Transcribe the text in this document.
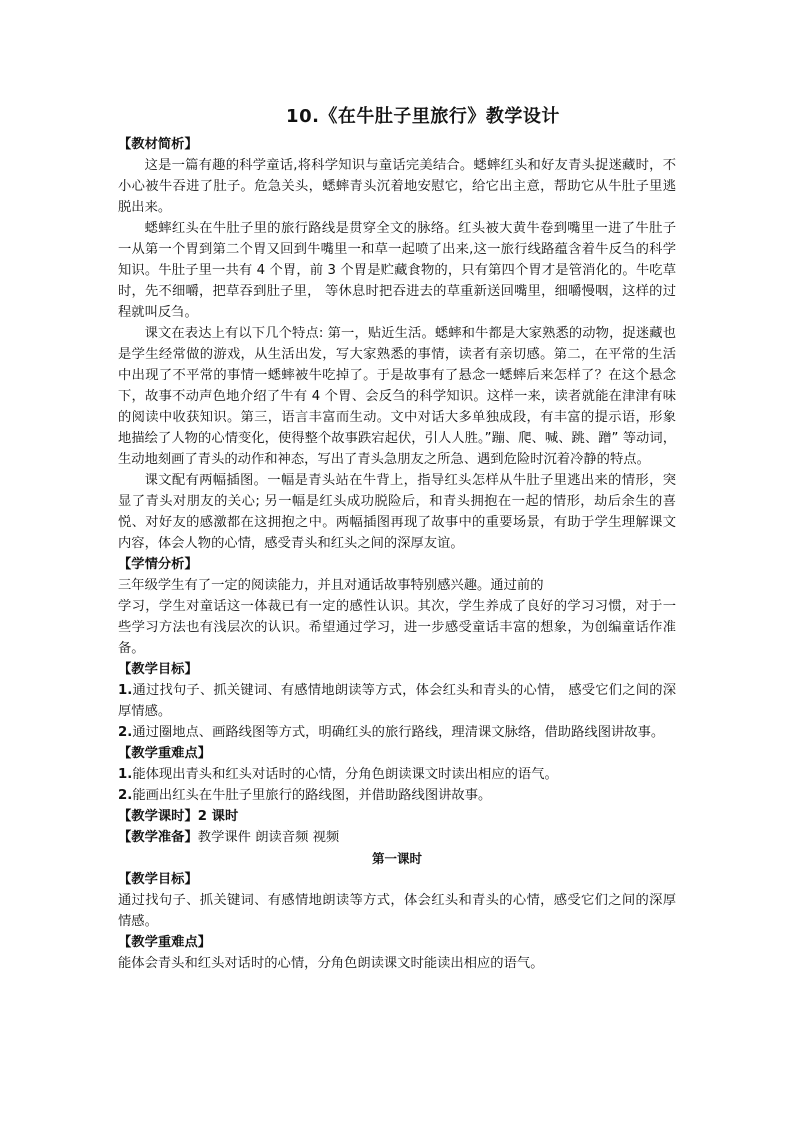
10.《在牛肚子里旅行》教学设计
【教材简析】

这是一篇有趣的科学童话,将科学知识与童话完美结合。蟋蟀红头和好友青头捉迷藏时，不小心被牛吞进了肚子。危急关头，蟋蟀青头沉着地安慰它，给它出主意，帮助它从牛肚子里逃脱出来。

蟋蟀红头在牛肚子里的旅行路线是贯穿全文的脉络。红头被大黄牛卷到嘴里一进了牛肚子一从第一个胃到第二个胃又回到牛嘴里一和草一起喷了出来,这一旅行线路蕴含着牛反刍的科学知识。牛肚子里一共有 4 个胃，前 3 个胃是贮藏食物的，只有第四个胃才是管消化的。牛吃草时，先不细嚼，把草吞到肚子里， 等休息时把吞进去的草重新送回嘴里，细嚼慢咽，这样的过程就叫反刍。

课文在表达上有以下几个特点: 第一，贴近生活。蟋蟀和牛都是大家熟悉的动物，捉迷藏也是学生经常做的游戏，从生活出发，写大家熟悉的事情，读者有亲切感。第二，在平常的生活中出现了不平常的事情一蟋蟀被牛吃掉了。于是故事有了悬念一蟋蟀后来怎样了？在这个悬念下，故事不动声色地介绍了牛有 4 个胃、会反刍的科学知识。这样一来，读者就能在津津有味的阅读中收获知识。第三，语言丰富而生动。文中对话大多单独成段，有丰富的提示语，形象地描绘了人物的心情变化，使得整个故事跌宕起伏，引人人胜。”蹦、爬、喊、跳、蹭” 等动词，生动地刻画了青头的动作和神态，写出了青头急朋友之所急、遇到危险时沉着冷静的特点。

课文配有两幅插图。一幅是青头站在牛背上，指导红头怎样从牛肚子里逃出来的情形，突显了青头对朋友的关心; 另一幅是红头成功脱险后，和青头拥抱在一起的情形，劫后余生的喜悦、对好友的感激都在这拥抱之中。两幅插图再现了故事中的重要场景，有助于学生理解课文内容，体会人物的心情，感受青头和红头之间的深厚友谊。

【学情分析】

三年级学生有了一定的阅读能力，并且对通话故事特别感兴趣。通过前的

学习，学生对童话这一体裁已有一定的感性认识。其次，学生养成了良好的学习习惯，对于一些学习方法也有浅层次的认识。希望通过学习，进一步感受童话丰富的想象，为创编童话作准备。

【教学目标】

1.通过找句子、抓关键词、有感情地朗读等方式，体会红头和青头的心情， 感受它们之间的深厚情感。

2.通过圈地点、画路线图等方式，明确红头的旅行路线，理清课文脉络，借助路线图讲故事。

【教学重难点】

1.能体现出青头和红头对话时的心情，分角色朗读课文时读出相应的语气。

2.能画出红头在牛肚子里旅行的路线图，并借助路线图讲故事。

【教学课时】2 课时

【教学准备】教学课件 朗读音频 视频

第一课时
【教学目标】

通过找句子、抓关键词、有感情地朗读等方式，体会红头和青头的心情，感受它们之间的深厚情感。

【教学重难点】

能体会青头和红头对话时的心情，分角色朗读课文时能读出相应的语气。
